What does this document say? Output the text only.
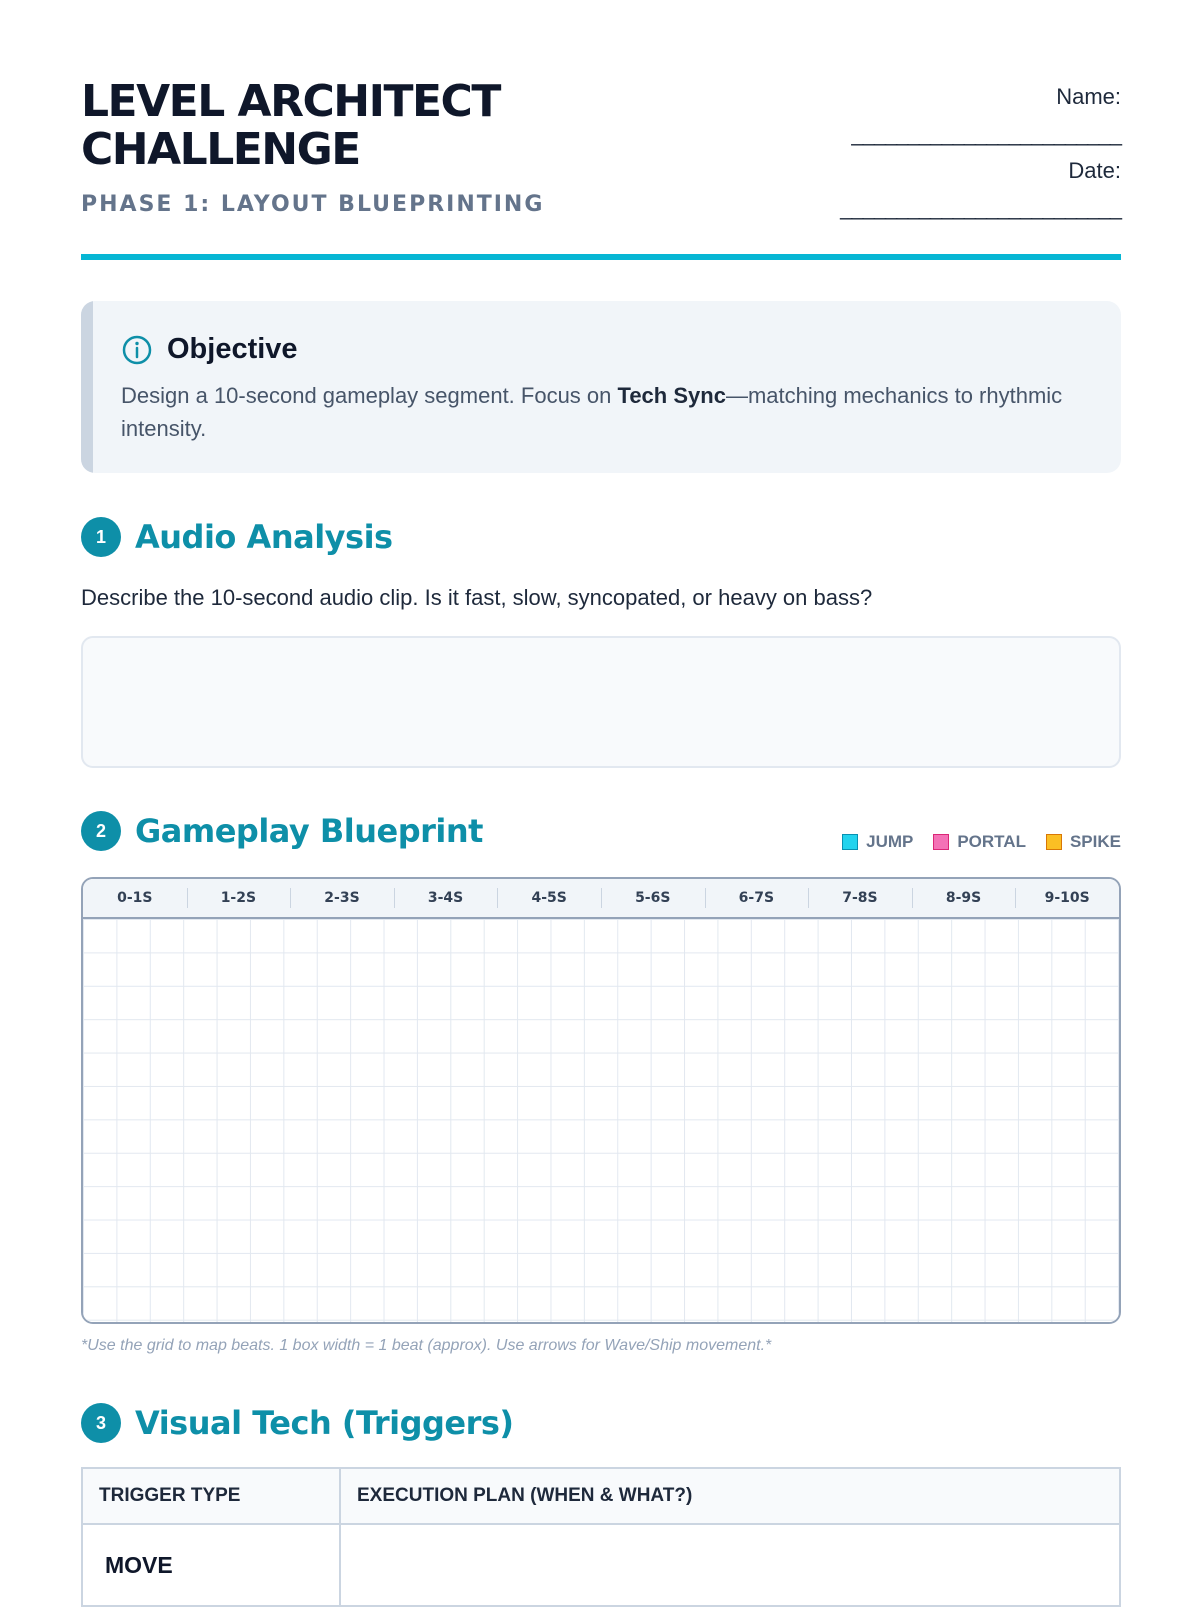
LEVEL ARCHITECT
CHALLENGE
PHASE 1: LAYOUT BLUEPRINTING
Name:
________________________
Date:
_________________________
Objective

Design a 10-second gameplay segment. Focus on Tech Sync—matching mechanics to rhythmic intensity.

1 Audio Analysis
Describe the 10-second audio clip. Is it fast, slow, syncopated, or heavy on bass?
2 Gameplay Blueprint	JUMP	PORTAL	SPIKE
0-1S	1-2S	2-3S	3-4S	4-5S	5-6S	6-7S	7-8S	8-9S	9-10S
*Use the grid to map beats. 1 box width = 1 beat (approx). Use arrows for Wave/Ship movement.*
3 Visual Tech (Triggers)
TRIGGER TYPE	EXECUTION PLAN (WHEN & WHAT?)
MOVE	
